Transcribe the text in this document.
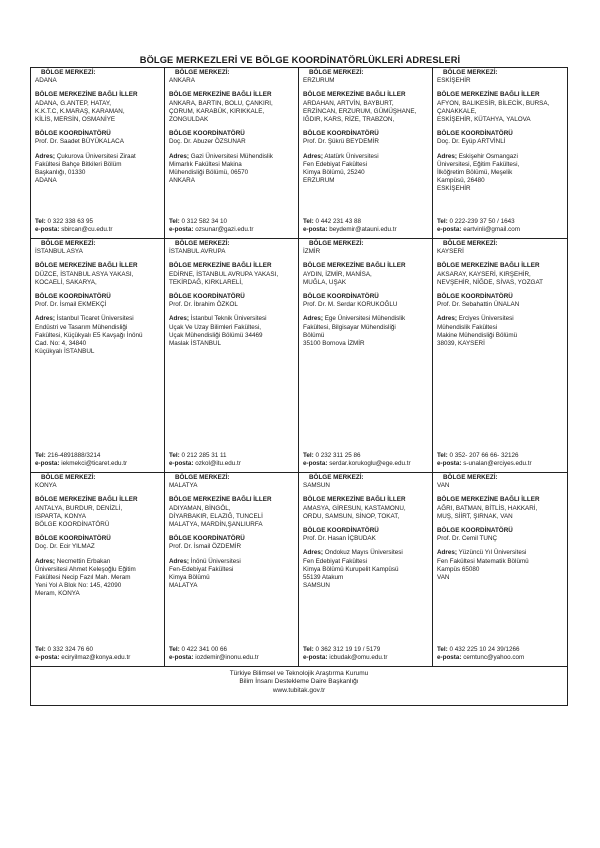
BÖLGE MERKEZLERİ VE BÖLGE KOORDİNATÖRLÜKLERİ ADRESLERİ
BÖLGE MERKEZİ:
ADANA
BÖLGE MERKEZİNE BAĞLI İLLER
ADANA, G.ANTEP, HATAY,
K.K.T.C, K.MARAŞ, KARAMAN,
KİLİS, MERSİN, OSMANİYE
BÖLGE KOORDİNATÖRÜ
Prof. Dr. Saadet BÜYÜKALACA
Adres; Çukurova Üniversitesi Ziraat
Fakültesi Bahçe Bitkileri Bölüm
Başkanlığı, 01330
ADANA
Tel: 0 322 338 63 95
e-posta: sbircan@cu.edu.tr
BÖLGE MERKEZİ:
ANKARA
BÖLGE MERKEZİNE BAĞLI İLLER
ANKARA, BARTIN, BOLU, ÇANKIRI,
ÇORUM, KARABÜK, KIRIKKALE,
ZONGULDAK
BÖLGE KOORDİNATÖRÜ
Doç. Dr. Abuzer ÖZSUNAR
Adres; Gazi Üniversitesi Mühendislik
Mimarlık Fakültesi Makina
Mühendisliği Bölümü, 06570
ANKARA
Tel: 0 312 582 34 10
e-posta: ozsunar@gazi.edu.tr
BÖLGE MERKEZİ:
ERZURUM
BÖLGE MERKEZİNE BAĞLI İLLER
ARDAHAN, ARTVİN, BAYBURT,
ERZİNCAN, ERZURUM, GÜMÜŞHANE,
IĞDIR, KARS, RİZE, TRABZON,
BÖLGE KOORDİNATÖRÜ
Prof. Dr. Şükrü BEYDEMİR
Adres; Atatürk Üniversitesi
Fen Edebiyat Fakültesi
Kimya Bölümü, 25240
ERZURUM
Tel: 0 442 231 43 88
e-posta: beydemir@atauni.edu.tr
BÖLGE MERKEZİ:
ESKİŞEHİR
BÖLGE MERKEZİNE BAĞLI İLLER
AFYON, BALIKESİR, BİLECİK, BURSA,
ÇANAKKALE,
ESKİŞEHİR, KÜTAHYA, YALOVA
BÖLGE KOORDİNATÖRÜ
Doç. Dr. Eyüp ARTVİNLİ
Adres; Eskişehir Osmangazi
Üniversitesi, Eğitim Fakültesi,
İlköğretim Bölümü, Meşelik
Kampüsü, 26480
ESKİŞEHİR
Tel: 0 222-239 37 50 / 1643
e-posta: eartvinli@gmail.com
BÖLGE MERKEZİ:
İSTANBUL ASYA
BÖLGE MERKEZİNE BAĞLI İLLER
DÜZCE, İSTANBUL ASYA YAKASI,
KOCAELİ, SAKARYA,
BÖLGE KOORDİNATÖRÜ
Prof. Dr. İsmail EKMEKÇİ
Adres; İstanbul Ticaret Üniversitesi
Endüstri ve Tasarım Mühendisliği
Fakültesi, Küçükyalı E5 Kavşağı İnönü
Cad. No: 4, 34840
Küçükyalı İSTANBUL
Tel: 216-4891888/3214
e-posta: iekmekci@ticaret.edu.tr
BÖLGE MERKEZİ:
İSTANBUL AVRUPA
BÖLGE MERKEZİNE BAĞLI İLLER
EDİRNE, İSTANBUL AVRUPA YAKASI,
TEKİRDAĞ, KIRKLARELİ,
BÖLGE KOORDİNATÖRÜ
Prof. Dr. İbrahim ÖZKOL
Adres; İstanbul Teknik Üniversitesi
Uçak Ve Uzay Bilimleri Fakültesi,
Uçak Mühendisliği Bölümü 34469
Maslak İSTANBUL
Tel: 0 212 285 31 11
e-posta: ozkol@itu.edu.tr
BÖLGE MERKEZİ:
İZMİR
BÖLGE MERKEZİNE BAĞLI İLLER
AYDIN, İZMİR, MANİSA,
MUĞLA, UŞAK
BÖLGE KOORDİNATÖRÜ
Prof. Dr. M. Serdar KORUKOĞLU
Adres; Ege Üniversitesi Mühendislik
Fakültesi, Bilgisayar Mühendisliği
Bölümü
35100 Bornova İZMİR
Tel: 0 232 311 25 86
e-posta: serdar.korukoglu@ege.edu.tr
BÖLGE MERKEZİ:
KAYSERİ
BÖLGE MERKEZİNE BAĞLI İLLER
AKSARAY, KAYSERİ, KIRŞEHİR,
NEVŞEHİR, NİĞDE, SİVAS, YOZGAT
BÖLGE KOORDİNATÖRÜ
Prof. Dr. Sebahattin ÜNALAN
Adres; Erciyes Üniversitesi
Mühendislik Fakültesi
Makine Mühendisliği Bölümü
38039, KAYSERİ
Tel: 0 352- 207 66 66- 32126
e-posta: s-unalan@erciyes.edu.tr
BÖLGE MERKEZİ:
KONYA
BÖLGE MERKEZİNE BAĞLI İLLER
ANTALYA, BURDUR, DENİZLİ,
ISPARTA, KONYA
BÖLGE KOORDİNATÖRÜ
BÖLGE KOORDİNATÖRÜ
Doç. Dr. Ecir YILMAZ
Adres; Necmettin Erbakan
Üniversitesi Ahmet Keleşoğlu Eğitim
Fakültesi Necip Fazıl Mah. Meram
Yeni Yol A Blok No: 145, 42090
Meram, KONYA
Tel: 0 332 324 76 60
e-posta: eciryilmaz@konya.edu.tr
BÖLGE MERKEZİ:
MALATYA
BÖLGE MERKEZİNE BAĞLI İLLER
ADIYAMAN, BİNGÖL,
DİYARBAKIR, ELAZIĞ, TUNCELİ
MALATYA, MARDİN,ŞANLIURFA
BÖLGE KOORDİNATÖRÜ
Prof. Dr. İsmail ÖZDEMİR
Adres; İnönü Üniversitesi
Fen-Edebiyat Fakültesi
Kimya Bölümü
MALATYA
Tel: 0 422 341 00 66
e-posta: iozdemir@inonu.edu.tr
BÖLGE MERKEZİ:
SAMSUN
BÖLGE MERKEZİNE BAĞLI İLLER
AMASYA, GİRESUN, KASTAMONU,
ORDU, SAMSUN, SİNOP, TOKAT,
BÖLGE KOORDİNATÖRÜ
Prof. Dr. Hasan İÇBUDAK
Adres; Ondokuz Mayıs Üniversitesi
Fen Edebiyat Fakültesi
Kimya Bölümü Kurupelit Kampüsü
55139 Atakum
SAMSUN
Tel: 0 362 312 19 19 / 5179
e-posta: icbudak@omu.edu.tr
BÖLGE MERKEZİ:
VAN
BÖLGE MERKEZİNE BAĞLI İLLER
AĞRI, BATMAN, BİTLİS, HAKKARİ,
MUŞ, SİİRT, ŞIRNAK, VAN
BÖLGE KOORDİNATÖRÜ
Prof. Dr. Cemil TUNÇ
Adres; Yüzüncü Yıl Üniversitesi
Fen Fakültesi Matematik Bölümü
Kampüs 65080
VAN
Tel: 0 432 225 10 24 39/1266
e-posta: cemtunc@yahoo.com
Türkiye Bilimsel ve Teknolojik Araştırma Kurumu
Bilim İnsanı Destekleme Daire Başkanlığı
www.tubitak.gov.tr
